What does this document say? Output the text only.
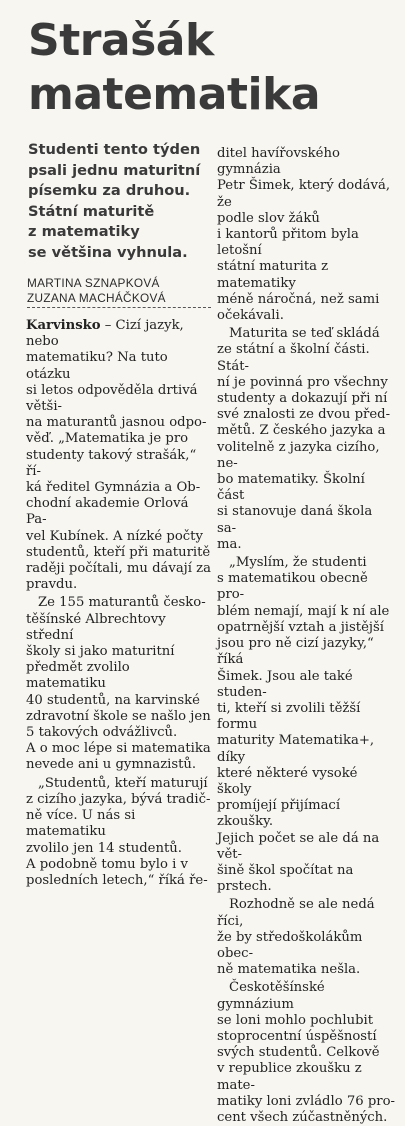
Strašák
matematika
Studenti tento týden
psali jednu maturitní
písemku za druhou.
Státní maturitě
z matematiky
se většina vyhnula.
MARTINA SZNAPKOVÁ
ZUZANA MACHÁČKOVÁ

Karvinsko – Cizí jazyk, nebo
matematiku? Na tuto otázku
si letos odpověděla drtivá větši-
na maturantů jasnou odpo-
věď. „Matematika je pro
studenty takový strašák,“ ří-
ká ředitel Gymnázia a Ob-
chodní akademie Orlová Pa-
vel Kubínek. A nízké počty
studentů, kteří při maturitě
raději počítali, mu dávají za
pravdu.

Ze 155 maturantů česko-
těšínské Albrechtovy střední
školy si jako maturitní
předmět zvolilo matematiku
40 studentů, na karvinské
zdravotní škole se našlo jen
5 takových odvážlivců.
A o moc lépe si matematika
nevede ani u gymnazistů.

„Studentů, kteří maturují
z cizího jazyka, bývá tradič-
ně více. U nás si matematiku
zvolilo jen 14 studentů.
A podobně tomu bylo i v
posledních letech,“ říká ře-

ditel havířovského gymnázia
Petr Šimek, který dodává, že
podle slov žáků
i kantorů přitom byla letošní
státní maturita z matematiky
méně náročná, než sami
očekávali.

Maturita se teď skládá
ze státní a školní části. Stát-
ní je povinná pro všechny
studenty a dokazují při ní
své znalosti ze dvou před-
mětů. Z českého jazyka a
volitelně z jazyka cizího, ne-
bo matematiky. Školní část
si stanovuje daná škola sa-
ma.

„Myslím, že studenti
s matematikou obecně pro-
blém nemají, mají k ní ale
opatrnější vztah a jistější
jsou pro ně cizí jazyky,“ říká
Šimek. Jsou ale také studen-
ti, kteří si zvolili těžší formu
maturity Matematika+, díky
které některé vysoké školy
promíjejí přijímací zkoušky.
Jejich počet se ale dá na vět-
šině škol spočítat na prstech.

Rozhodně se ale nedá říci,
že by středoškolákům obec-
ně matematika nešla.

Českotěšínské gymnázium
se loni mohlo pochlubit
stoprocentní úspěšností
svých studentů. Celkově
v republice zkoušku z mate-
matiky loni zvládlo 76 pro-
cent všech zúčastněných.
